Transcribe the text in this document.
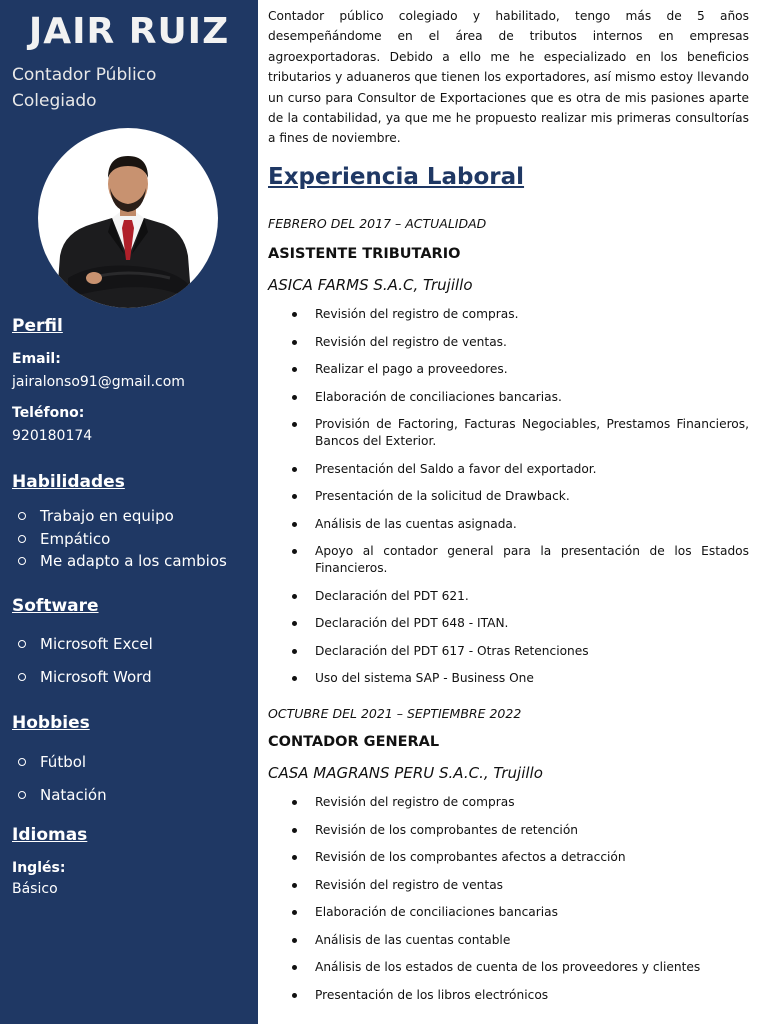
JAIR RUIZ
Contador Público
Colegiado
Perfil
Email:
jairalonso91@gmail.com
Teléfono:
920180174
Habilidades
Trabajo en equipo
Empático
Me adapto a los cambios
Software
Microsoft Excel
Microsoft Word
Hobbies
Fútbol
Natación
Idiomas
Inglés:
Básico

Contador público colegiado y habilitado, tengo más de 5 años desempeñándome en el área de tributos internos en empresas agroexportadoras. Debido a ello me he especializado en los beneficios tributarios y aduaneros que tienen los exportadores, así mismo estoy llevando un curso para Consultor de Exportaciones que es otra de mis pasiones aparte de la contabilidad, ya que me he propuesto realizar mis primeras consultorías a fines de noviembre.

Experiencia Laboral
FEBRERO DEL 2017 – ACTUALIDAD
ASISTENTE TRIBUTARIO
ASICA FARMS S.A.C, Trujillo
Revisión del registro de compras.
Revisión del registro de ventas.
Realizar el pago a proveedores.
Elaboración de conciliaciones bancarias.
Provisión de Factoring, Facturas Negociables, Prestamos Financieros, Bancos del Exterior.
Presentación del Saldo a favor del exportador.
Presentación de la solicitud de Drawback.
Análisis de las cuentas asignada.
Apoyo al contador general para la presentación de los Estados Financieros.
Declaración del PDT 621.
Declaración del PDT 648 - ITAN.
Declaración del PDT 617 - Otras Retenciones
Uso del sistema SAP - Business One
OCTUBRE DEL 2021 – SEPTIEMBRE 2022
CONTADOR GENERAL
CASA MAGRANS PERU S.A.C., Trujillo
Revisión del registro de compras
Revisión de los comprobantes de retención
Revisión de los comprobantes afectos a detracción
Revisión del registro de ventas
Elaboración de conciliaciones bancarias
Análisis de las cuentas contable
Análisis de los estados de cuenta de los proveedores y clientes
Presentación de los libros electrónicos
